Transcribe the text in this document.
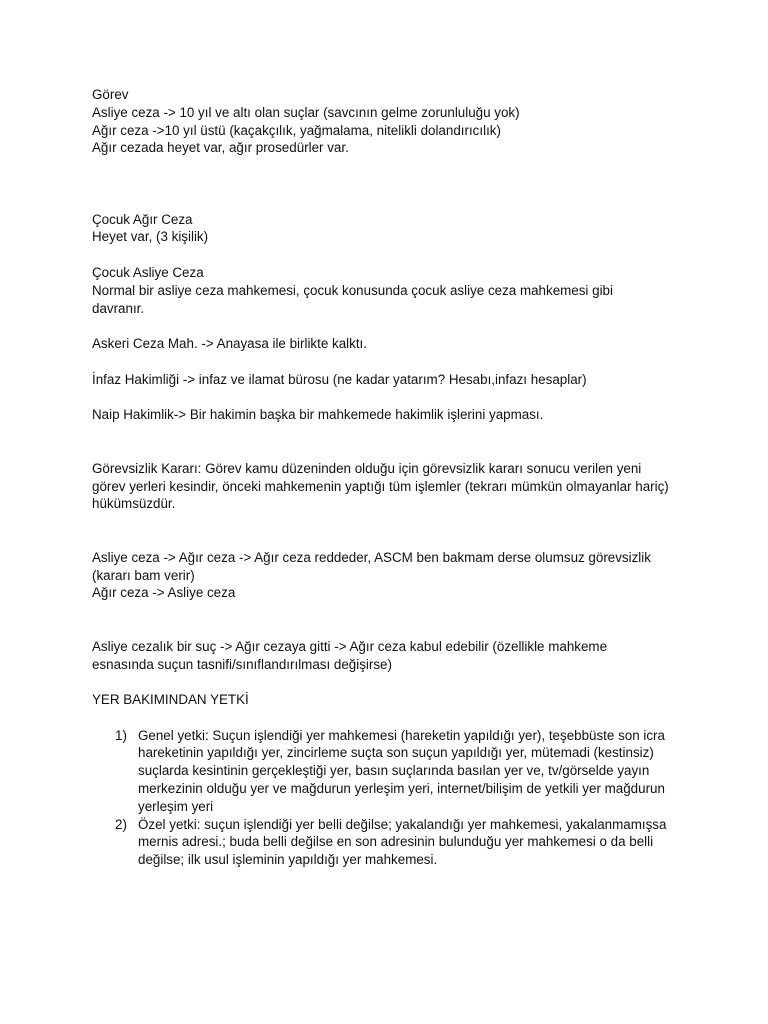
Görev
Asliye ceza -> 10 yıl ve altı olan suçlar (savcının gelme zorunluluğu yok)
Ağır ceza ->10 yıl üstü (kaçakçılık, yağmalama, nitelikli dolandırıcılık)
Ağır cezada heyet var, ağır prosedürler var.
Çocuk Ağır Ceza
Heyet var, (3 kişilik)
Çocuk Asliye Ceza
Normal bir asliye ceza mahkemesi, çocuk konusunda çocuk asliye ceza mahkemesi gibi davranır.
Askeri Ceza Mah. -> Anayasa ile birlikte kalktı.
İnfaz Hakimliği -> infaz ve ilamat bürosu (ne kadar yatarım? Hesabı,infazı hesaplar)
Naip Hakimlik-> Bir hakimin başka bir mahkemede hakimlik işlerini yapması.
Görevsizlik Kararı: Görev kamu düzeninden olduğu için görevsizlik kararı sonucu verilen yeni görev yerleri kesindir, önceki mahkemenin yaptığı tüm işlemler (tekrarı mümkün olmayanlar hariç) hükümsüzdür.
Asliye ceza -> Ağır ceza -> Ağır ceza reddeder, ASCM ben bakmam derse olumsuz görevsizlik (kararı bam verir)
Ağır ceza -> Asliye ceza
Asliye cezalık bir suç -> Ağır cezaya gitti -> Ağır ceza kabul edebilir (özellikle mahkeme esnasında suçun tasnifi/sınıflandırılması değişirse)
YER BAKIMINDAN YETKİ
1) Genel yetki: Suçun işlendiği yer mahkemesi (hareketin yapıldığı yer), teşebbüste son icra hareketinin yapıldığı yer, zincirleme suçta son suçun yapıldığı yer, mütemadi (kestinsiz) suçlarda kesintinin gerçekleştiği yer, basın suçlarında basılan yer ve, tv/görselde yayın merkezinin olduğu yer ve mağdurun yerleşim yeri, internet/bilişim de yetkili yer mağdurun yerleşim yeri
2) Özel yetki: suçun işlendiği yer belli değilse; yakalandığı yer mahkemesi, yakalanmamışsa mernis adresi.; buda belli değilse en son adresinin bulunduğu yer mahkemesi o da belli değilse; ilk usul işleminin yapıldığı yer mahkemesi.
